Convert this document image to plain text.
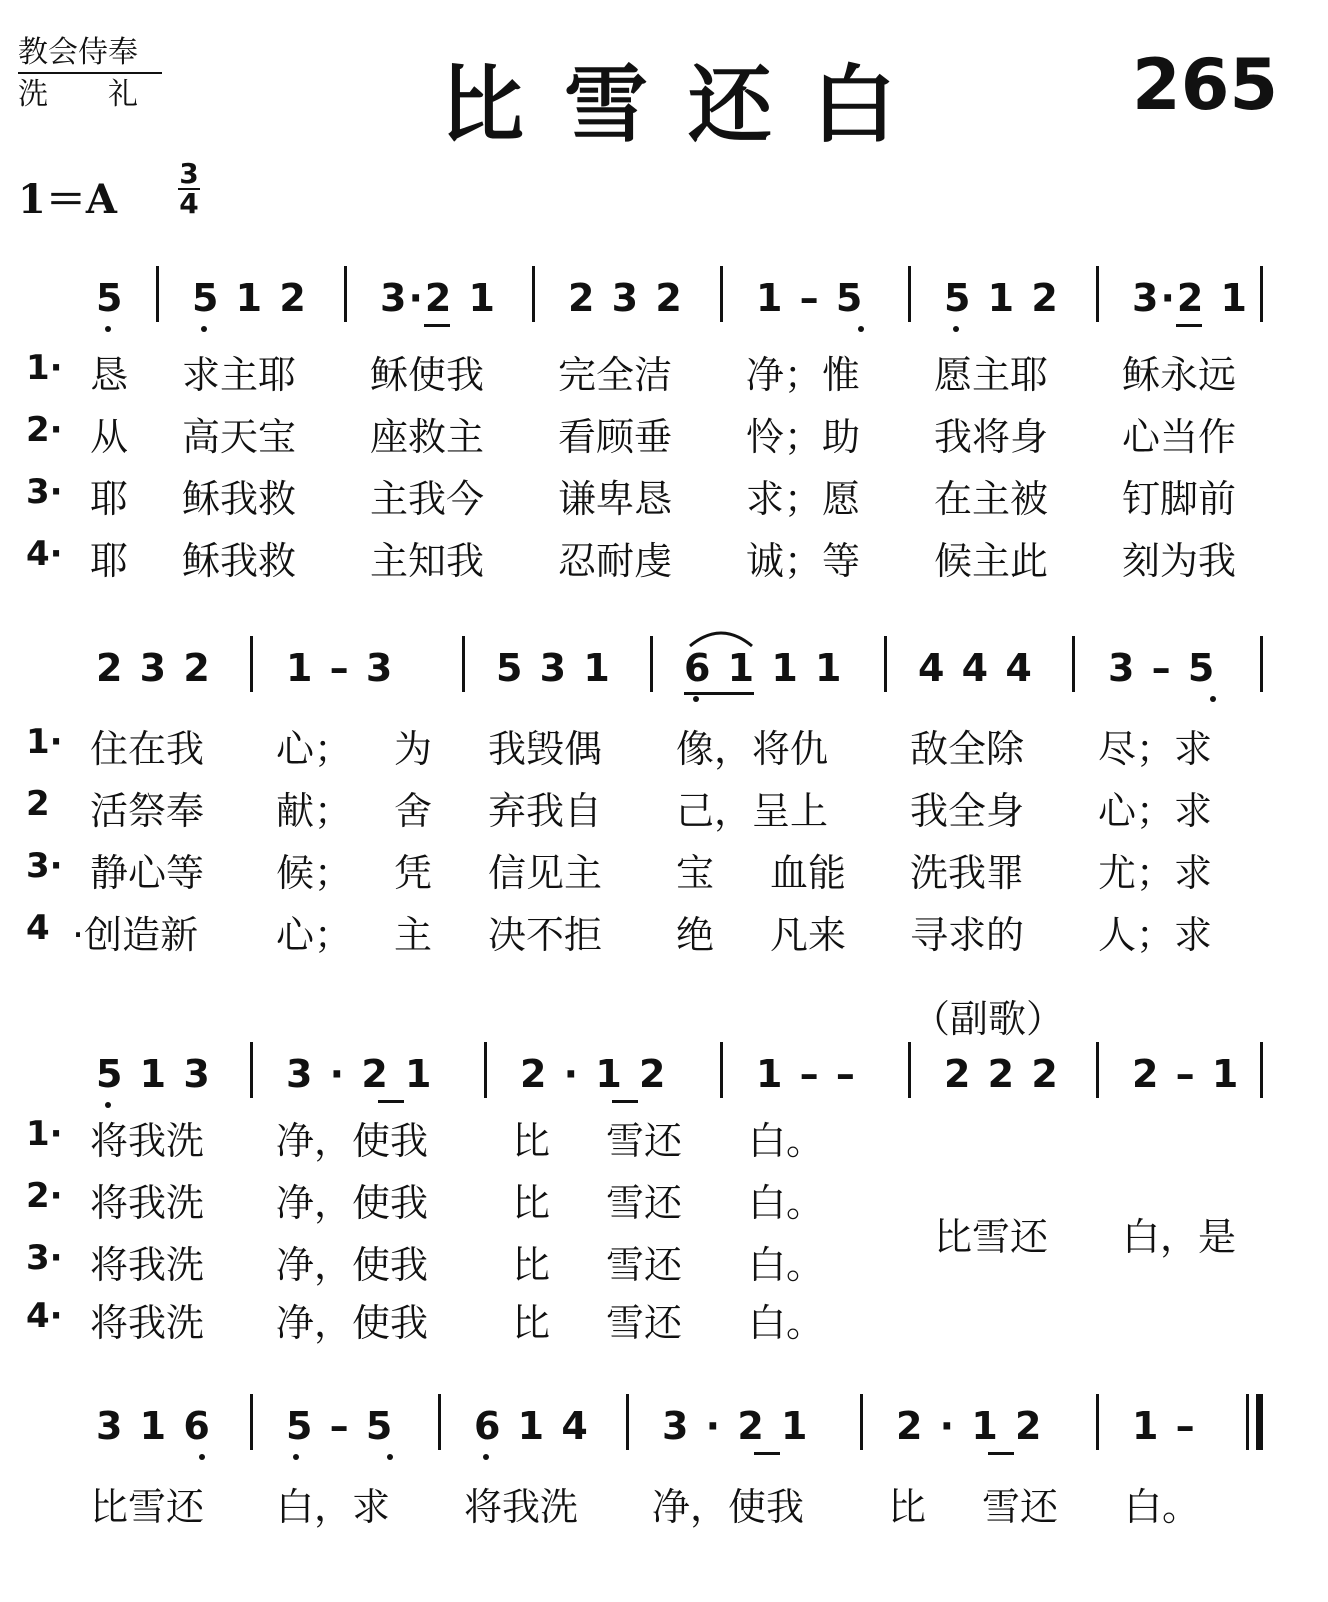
教会侍奉
洗　　礼	比雪还白	265
1＝A
3
4
5 5 1 2 3·2 1 2 3 2 1 – 5 5 1 2 3·2 1
1· 恳 求主耶 稣使我 完全洁 净；惟 愿主耶 稣永远
2· 从 高天宝 座救主 看顾垂 怜；助 我将身 心当作
3· 耶 稣我救 主我今 谦卑恳 求；愿 在主被 钉脚前
4· 耶 稣我救 主知我 忍耐虔 诚；等 候主此 刻为我
2 3 2 1 – 3	5 3 1 6 1 1 1 4 4 4 3 – 5
1· 住在我 心； 为 我毁偶 像，将仇 敌全除 尽；求
2 活祭奉 献； 舍 弃我自 己，呈上 我全身 心；求
3· 静心等 候； 凭 信见主 宝 血能 洗我罪 尤；求
4 ·创造新 心； 主 决不拒 绝 凡来 寻求的 人；求
（副歌）
5 1 3 3 · 2 1 2 · 1 2 1 – – 2 2 2 2 – 1
1· 将我洗 净，使我 比 雪还 白。
2· 将我洗 净，使我 比 雪还 白。
3· 将我洗 净，使我 比 雪还 白。
4· 将我洗 净，使我 比 雪还 白。
比雪还 白，是
3 1 6 5 – 5 6 1 4 3 · 2 1 2 · 1 2 1 –
比雪还 白，求 将我洗 净，使我 比 雪还 白。
